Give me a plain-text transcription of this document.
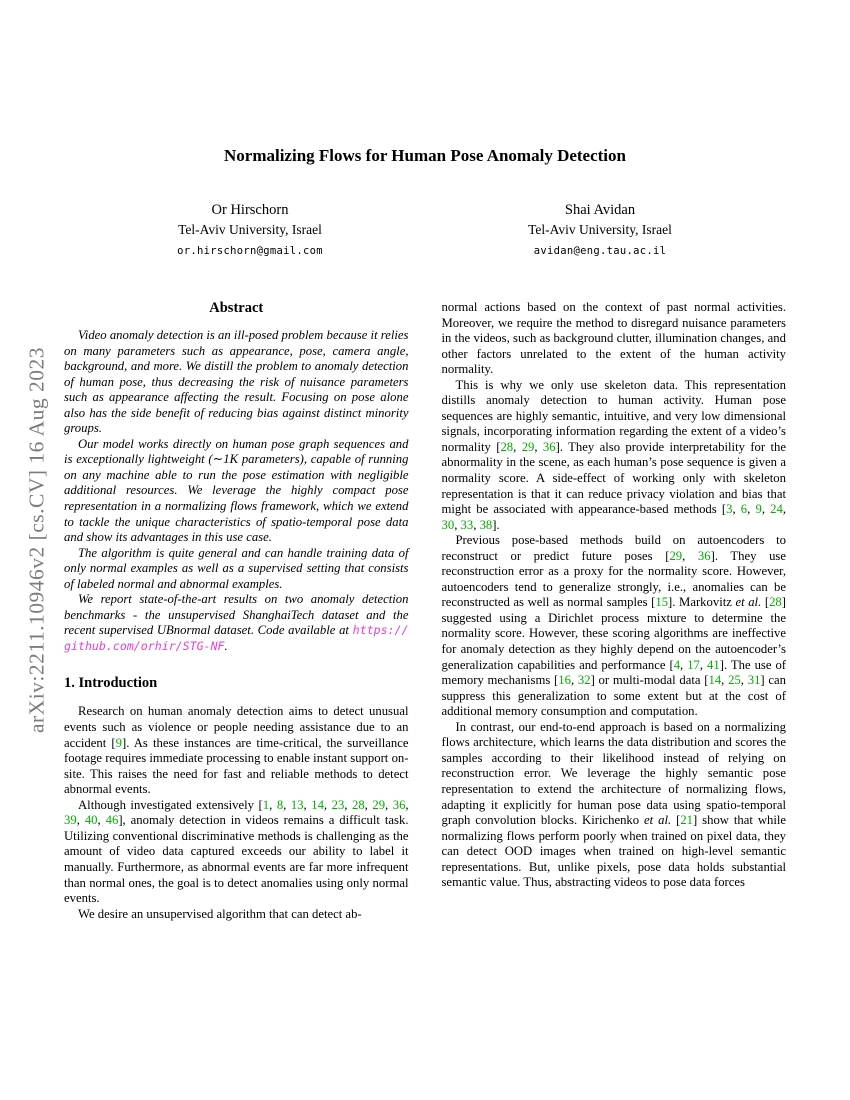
arXiv:2211.10946v2 [cs.CV] 16 Aug 2023
Normalizing Flows for Human Pose Anomaly Detection
Or Hirschorn
Tel-Aviv University, Israel
or.hirschorn@gmail.com
Shai Avidan
Tel-Aviv University, Israel
avidan@eng.tau.ac.il
Abstract

Video anomaly detection is an ill-posed problem because it relies on many parameters such as appearance, pose, camera angle, background, and more. We distill the problem to anomaly detection of human pose, thus decreasing the risk of nuisance parameters such as appearance affecting the result. Focusing on pose alone also has the side benefit of reducing bias against distinct minority groups.

Our model works directly on human pose graph sequences and is exceptionally lightweight (∼1K parameters), capable of running on any machine able to run the pose estimation with negligible additional resources. We leverage the highly compact pose representation in a normalizing flows framework, which we extend to tackle the unique characteristics of spatio-temporal pose data and show its advantages in this use case.

The algorithm is quite general and can handle training data of only normal examples as well as a supervised setting that consists of labeled normal and abnormal examples.

We report state-of-the-art results on two anomaly detection benchmarks - the unsupervised ShanghaiTech dataset and the recent supervised UBnormal dataset. Code available at https://github.com/orhir/STG-NF.

1. Introduction

Research on human anomaly detection aims to detect unusual events such as violence or people needing assistance due to an accident [9]. As these instances are time-critical, the surveillance footage requires immediate processing to enable instant support on-site. This raises the need for fast and reliable methods to detect abnormal events.

Although investigated extensively [1, 8, 13, 14, 23, 28, 29, 36, 39, 40, 46], anomaly detection in videos remains a difficult task. Utilizing conventional discriminative methods is challenging as the amount of video data captured exceeds our ability to label it manually. Furthermore, as abnormal events are far more infrequent than normal ones, the goal is to detect anomalies using only normal events.

We desire an unsupervised algorithm that can detect ab-

normal actions based on the context of past normal activities. Moreover, we require the method to disregard nuisance parameters in the videos, such as background clutter, illumination changes, and other factors unrelated to the extent of the human activity normality.

This is why we only use skeleton data. This representation distills anomaly detection to human activity. Human pose sequences are highly semantic, intuitive, and very low dimensional signals, incorporating information regarding the extent of a video’s normality [28, 29, 36]. They also provide interpretability for the abnormality in the scene, as each human’s pose sequence is given a normality score. A side-effect of working only with skeleton representation is that it can reduce privacy violation and bias that might be associated with appearance-based methods [3, 6, 9, 24, 30, 33, 38].

Previous pose-based methods build on autoencoders to reconstruct or predict future poses [29, 36]. They use reconstruction error as a proxy for the normality score. However, autoencoders tend to generalize strongly, i.e., anomalies can be reconstructed as well as normal samples [15]. Markovitz et al. [28] suggested using a Dirichlet process mixture to determine the normality score. However, these scoring algorithms are ineffective for anomaly detection as they highly depend on the autoencoder’s generalization capabilities and performance [4, 17, 41]. The use of memory mechanisms [16, 32] or multi-modal data [14, 25, 31] can suppress this generalization to some extent but at the cost of additional memory consumption and computation.

In contrast, our end-to-end approach is based on a normalizing flows architecture, which learns the data distribution and scores the samples according to their likelihood instead of relying on reconstruction error. We leverage the highly semantic pose representation to extend the architecture of normalizing flows, adapting it explicitly for human pose data using spatio-temporal graph convolution blocks. Kirichenko et al. [21] show that while normalizing flows perform poorly when trained on pixel data, they can detect OOD images when trained on high-level semantic representations. But, unlike pixels, pose data holds substantial semantic value. Thus, abstracting videos to pose data forces
